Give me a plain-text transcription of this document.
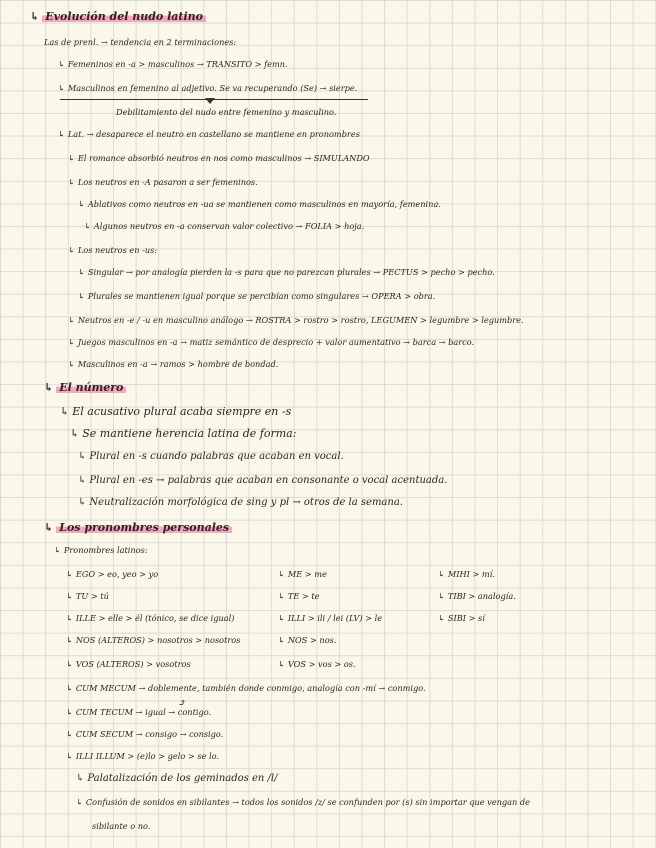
↳ Evolución del nudo latino
Las de prenl. → tendencia en 2 terminaciones:
↳ Femeninos en -a > masculinos → TRANSITO > femn.
↳ Masculinos en femenino al adjetivo. Se va recuperando (Se) → sierpe.
Debilitamiento del nudo entre femenino y masculino.
↳ Lat. → desaparece el neutro en castellano se mantiene en pronombres
↳ El romance absorbió neutros en nos como masculinos → SIMULANDO
↳ Los neutros en -A pasaron a ser femeninos.
↳ Ablativos como neutros en -ua se mantienen como masculinos en mayoría, femenina.
↳ Algunos neutros en -a conservan valor colectivo → FOLIA > hoja.
↳ Los neutros en -us:
↳ Singular → por analogía pierden la -s para que no parezcan plurales → PECTUS > pecho > pecho.
↳ Plurales se mantienen igual porque se percibían como singulares → OPERA > obra.
↳ Neutros en -e / -u en masculino análogo → ROSTRA > rostro > rostro, LEGUMEN > legumbre > legumbre.
↳ Juegos masculinos en -a → matiz semántico de desprecio + valor aumentativo → barca → barco.
↳ Masculinos en -a → ramos > hombre de bondad.
↳ El número
↳ El acusativo plural acaba siempre en -s
↳ Se mantiene herencia latina de forma:
↳ Plural en -s cuando palabras que acaban en vocal.
↳ Plural en -es → palabras que acaban en consonante o vocal acentuada.
↳ Neutralización morfológica de sing y pl → otros de la semana.
↳ Los pronombres personales
↳ Pronombres latinos:
↳ EGO > eo, yeo > yo	↳ ME > me	↳ MIHI > mí.
↳ TU > tú	↳ TE > te	↳ TIBI > analogía.
↳ ILLE > elle > él (tónico, se dice igual)	↳ ILLI > ili / lei (LV) > le	↳ SIBI > sí
↳ NOS (ALTEROS) > nosotros > nosotros	↳ NOS > nos.
↳ VOS (ALTEROS) > vosotros	↳ VOS > vos > os.
↳ CUM MECUM → doblemente, también donde conmigo, analogía con -mí → conmigo.
⤴
↳ CUM TECUM → igual → contigo.
↳ CUM SECUM → consigo → consigo.
↳ ILLI ILLUM > (e)lo > gelo > se lo.
↳ Palatalización de los geminados en /l/
↳ Confusión de sonidos en sibilantes → todos los sonidos /z/ se confunden por (s) sin importar que vengan de
sibilante o no.
